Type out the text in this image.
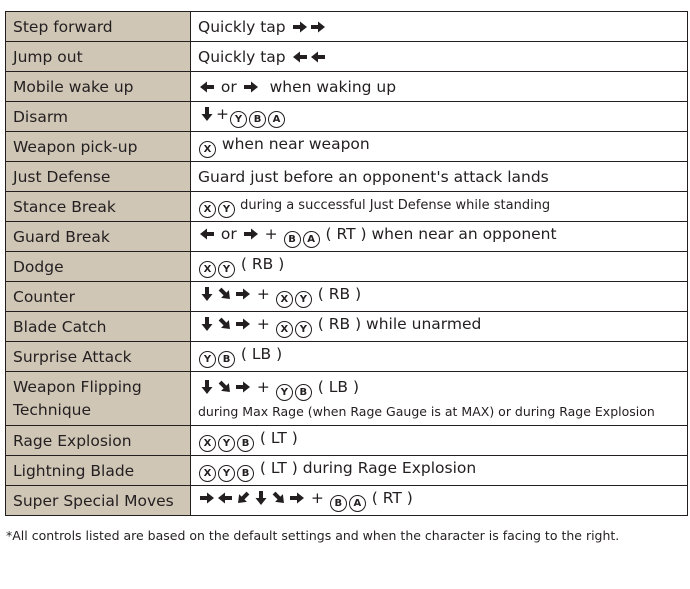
Step forward	Quickly tap

Jump out	Quickly tap

Mobile wake up	or   when waking up

Disarm	+ Y B A

Weapon pick-up	X when near weapon

Just Defense	Guard just before an opponent's attack lands

Stance Break	X Y during a successful Just Defense while standing

Guard Break	or  + B A ( RT ) when near an opponent

Dodge	X Y ( RB )

Counter	+ X Y ( RB )

Blade Catch	+ X Y ( RB ) while unarmed

Surprise Attack	Y B ( LB )

Weapon Flipping Technique	+ Y B ( LB )
during Max Rage (when Rage Gauge is at MAX) or during Rage Explosion

Rage Explosion	X Y B ( LT )

Lightning Blade	X Y B ( LT ) during Rage Explosion

Super Special Moves	+ B A ( RT )
*All controls listed are based on the default settings and when the character is facing to the right.
